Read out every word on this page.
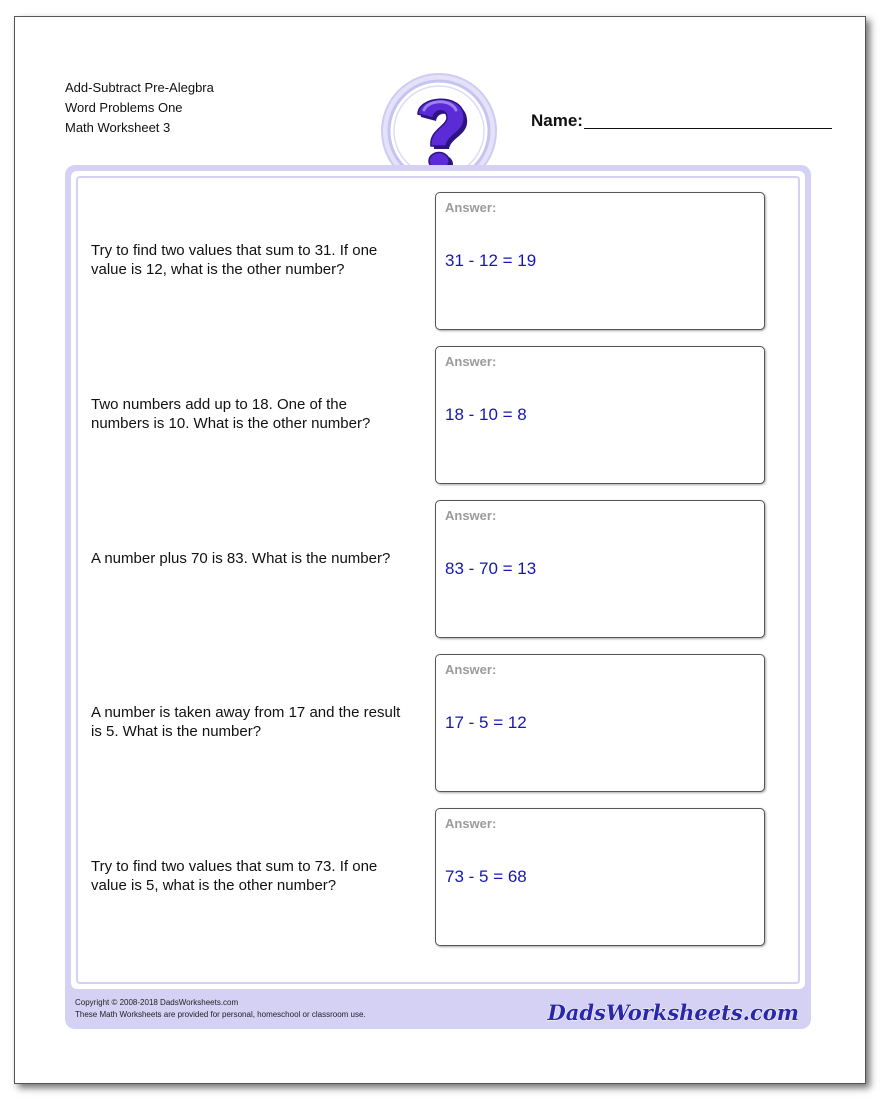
Add-Subtract Pre-Alegbra
Word Problems One
Math Worksheet 3	Name:
Try to find two values that sum to 31. If one value is 12, what is the other number?
Answer:
31 - 12 = 19
Two numbers add up to 18. One of the numbers is 10. What is the other number?
Answer:
18 - 10 = 8
A number plus 70 is 83. What is the number?
Answer:
83 - 70 = 13
A number is taken away from 17 and the result is 5. What is the number?
Answer:
17 - 5 = 12
Try to find two values that sum to 73. If one value is 5, what is the other number?
Answer:
73 - 5 = 68
Copyright © 2008-2018 DadsWorksheets.com
These Math Worksheets are provided for personal, homeschool or classroom use.	DadsWorksheets.com
